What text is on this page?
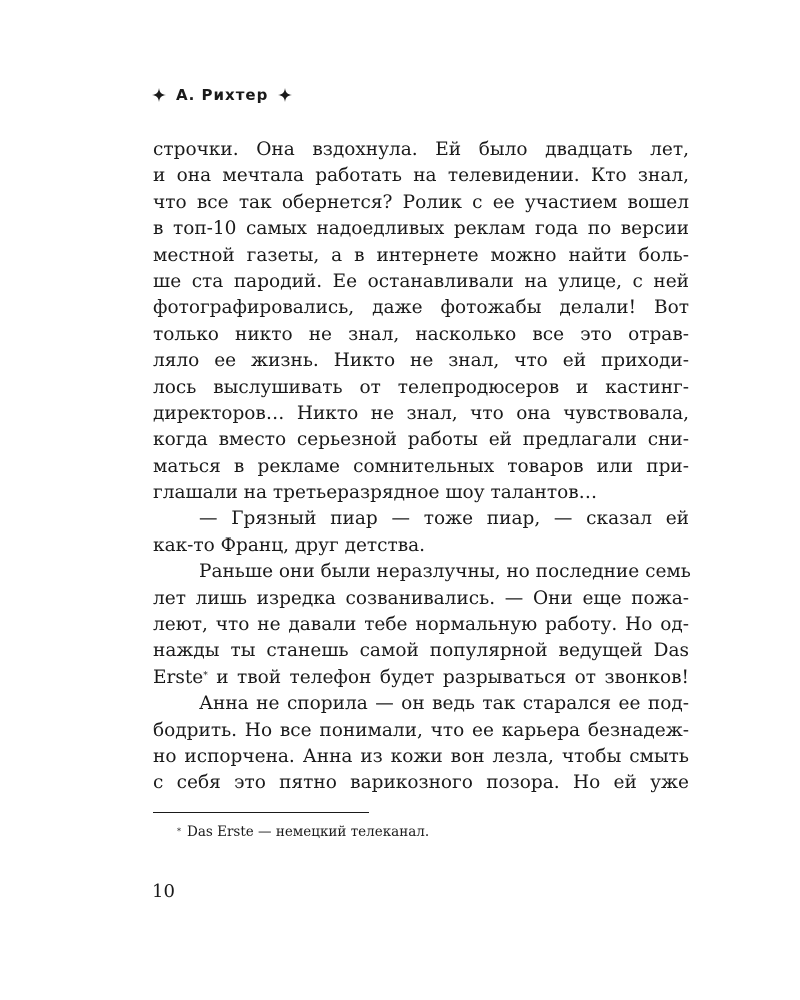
А. Рихтер
строчки. Она вздохнула. Ей было двадцать лет,
и она мечтала работать на телевидении. Кто знал,
что все так обернется? Ролик с ее участием вошел
в топ-10 самых надоедливых реклам года по версии
местной газеты, а в интернете можно найти боль-
ше ста пародий. Ее останавливали на улице, с ней
фотографировались, даже фотожабы делали! Вот
только никто не знал, насколько все это отрав-
ляло ее жизнь. Никто не знал, что ей приходи-
лось выслушивать от телепродюсеров и кастинг-
директоров… Никто не знал, что она чувствовала,
когда вместо серьезной работы ей предлагали сни-
маться в рекламе сомнительных товаров или при-
глашали на третьеразрядное шоу талантов…
— Грязный пиар — тоже пиар, — сказал ей
как-то Франц, друг детства.
Раньше они были неразлучны, но последние семь
лет лишь изредка созванивались. — Они еще пожа-
леют, что не давали тебе нормальную работу. Но од-
нажды ты станешь самой популярной ведущей Das
Erste* и твой телефон будет разрываться от звонков!
Анна не спорила — он ведь так старался ее под-
бодрить. Но все понимали, что ее карьера безнадеж-
но испорчена. Анна из кожи вон лезла, чтобы смыть
с себя это пятно варикозного позора. Но ей уже
* Das Erste — немецкий телеканал.
10
